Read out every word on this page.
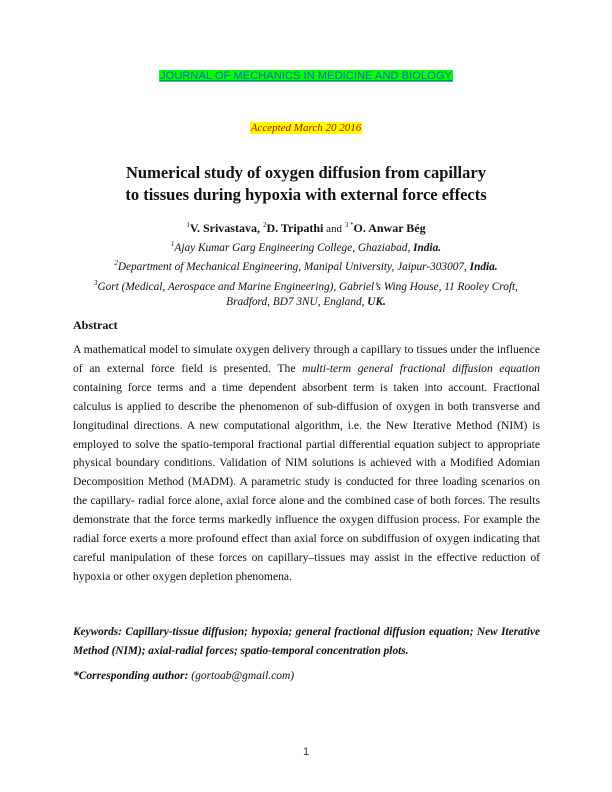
JOURNAL OF MECHANICS IN MEDICINE AND BIOLOGY
Accepted March 20 2016
Numerical study of oxygen diffusion from capillary
to tissues during hypoxia with external force effects
$^1$V. Srivastava, $^2$D. Tripathi and $^{3 *}$O. Anwar Bég
$^1$Ajay Kumar Garg Engineering College, Ghaziabad, India.
$^2$Department of Mechanical Engineering, Manipal University, Jaipur-303007, India.
$^3$Gort (Medical, Aerospace and Marine Engineering), Gabriel’s Wing House, 11 Rooley Croft,
Bradford, BD7 3NU, England, UK.
Abstract

A mathematical model to simulate oxygen delivery through a capillary to tissues under the influence of an external force field is presented. The multi-term general fractional diffusion equation containing force terms and a time dependent absorbent term is taken into account. Fractional calculus is applied to describe the phenomenon of sub-diffusion of oxygen in both transverse and longitudinal directions. A new computational algorithm, i.e. the New Iterative Method (NIM) is employed to solve the spatio-temporal fractional partial differential equation subject to appropriate physical boundary conditions. Validation of NIM solutions is achieved with a Modified Adomian Decomposition Method (MADM). A parametric study is conducted for three loading scenarios on the capillary- radial force alone, axial force alone and the combined case of both forces. The results demonstrate that the force terms markedly influence the oxygen diffusion process. For example the radial force exerts a more profound effect than axial force on subdiffusion of oxygen indicating that careful manipulation of these forces on capillary–tissues may assist in the effective reduction of hypoxia or other oxygen depletion phenomena.

Keywords: Capillary-tissue diffusion; hypoxia; general fractional diffusion equation; New Iterative Method (NIM); axial-radial forces; spatio-temporal concentration plots.
*Corresponding author: (gortoab@gmail.com)
1
